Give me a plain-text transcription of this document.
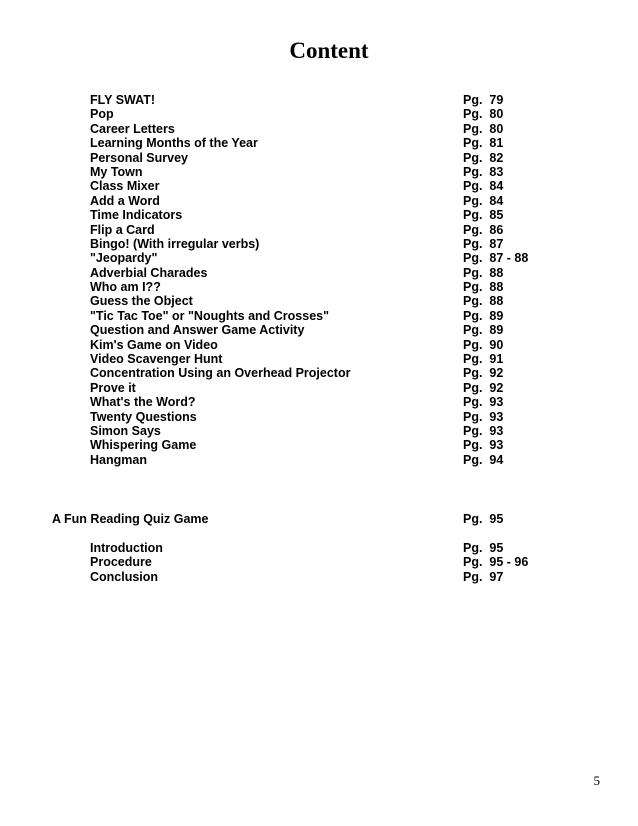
Content
FLY SWAT!	Pg.  79
Pop	Pg.  80
Career Letters	Pg.  80
Learning Months of the Year	Pg.  81
Personal Survey	Pg.  82
My Town	Pg.  83
Class Mixer	Pg.  84
Add a Word	Pg.  84
Time Indicators	Pg.  85
Flip a Card	Pg.  86
Bingo! (With irregular verbs)	Pg.  87
"Jeopardy"	Pg.  87 - 88
Adverbial Charades	Pg.  88
Who am I??	Pg.  88
Guess the Object	Pg.  88
"Tic Tac Toe" or "Noughts and Crosses"	Pg.  89
Question and Answer Game Activity	Pg.  89
Kim's Game on Video	Pg.  90
Video Scavenger Hunt	Pg.  91
Concentration Using an Overhead Projector	Pg.  92
Prove it	Pg.  92
What's the Word?	Pg.  93
Twenty Questions	Pg.  93
Simon Says	Pg.  93
Whispering Game	Pg.  93
Hangman	Pg.  94
A Fun Reading Quiz Game	Pg.  95
Introduction	Pg.  95
Procedure	Pg.  95 - 96
Conclusion	Pg.  97
5
